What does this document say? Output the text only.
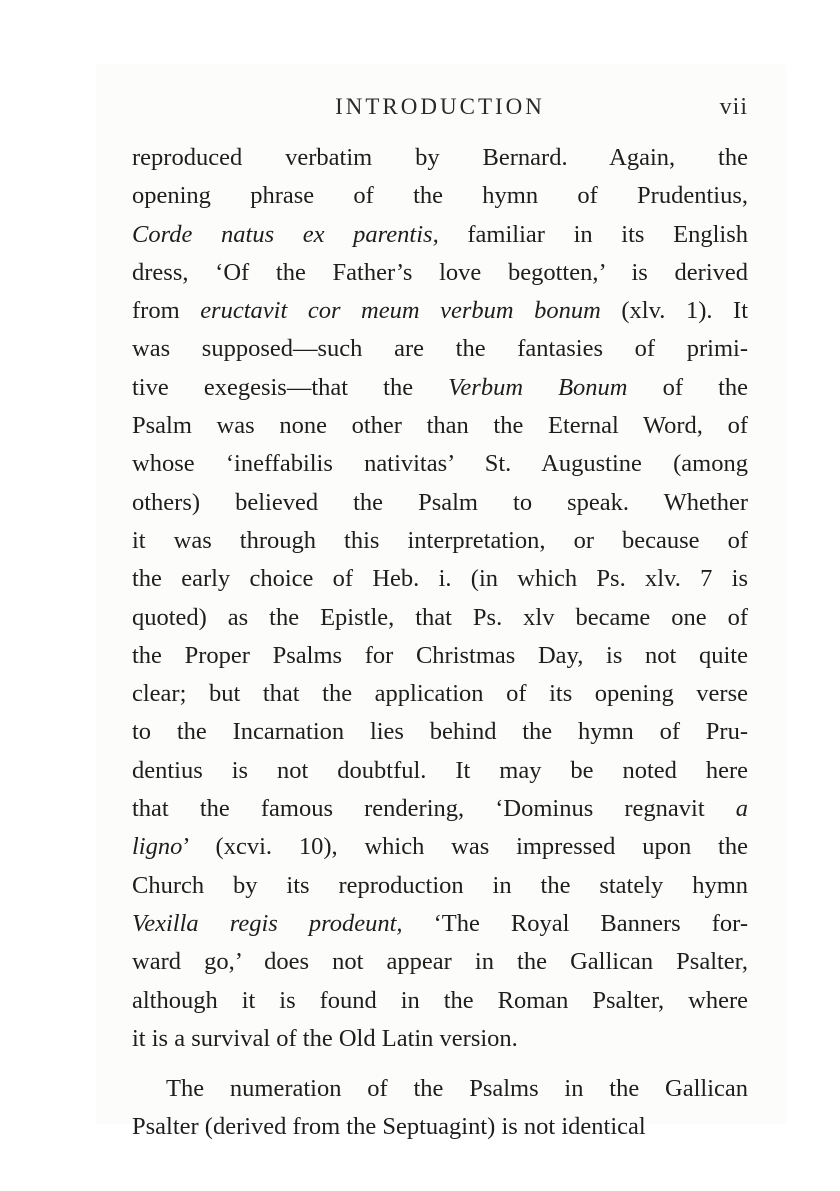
INTRODUCTION	vii
reproduced verbatim by Bernard. Again, the
opening phrase of the hymn of Prudentius,
Corde natus ex parentis, familiar in its English
dress, ‘Of the Father’s love begotten,’ is derived
from eructavit cor meum verbum bonum (xlv. 1). It
was supposed—such are the fantasies of primi-
tive exegesis—that the Verbum Bonum of the
Psalm was none other than the Eternal Word, of
whose ‘ineffabilis nativitas’ St. Augustine (among
others) believed the Psalm to speak. Whether
it was through this interpretation, or because of
the early choice of Heb. i. (in which Ps. xlv. 7 is
quoted) as the Epistle, that Ps. xlv became one of
the Proper Psalms for Christmas Day, is not quite
clear; but that the application of its opening verse
to the Incarnation lies behind the hymn of Pru-
dentius is not doubtful. It may be noted here
that the famous rendering, ‘Dominus regnavit a
ligno’ (xcvi. 10), which was impressed upon the
Church by its reproduction in the stately hymn
Vexilla regis prodeunt, ‘The Royal Banners for-
ward go,’ does not appear in the Gallican Psalter,
although it is found in the Roman Psalter, where
it is a survival of the Old Latin version.
The numeration of the Psalms in the Gallican
Psalter (derived from the Septuagint) is not identical
